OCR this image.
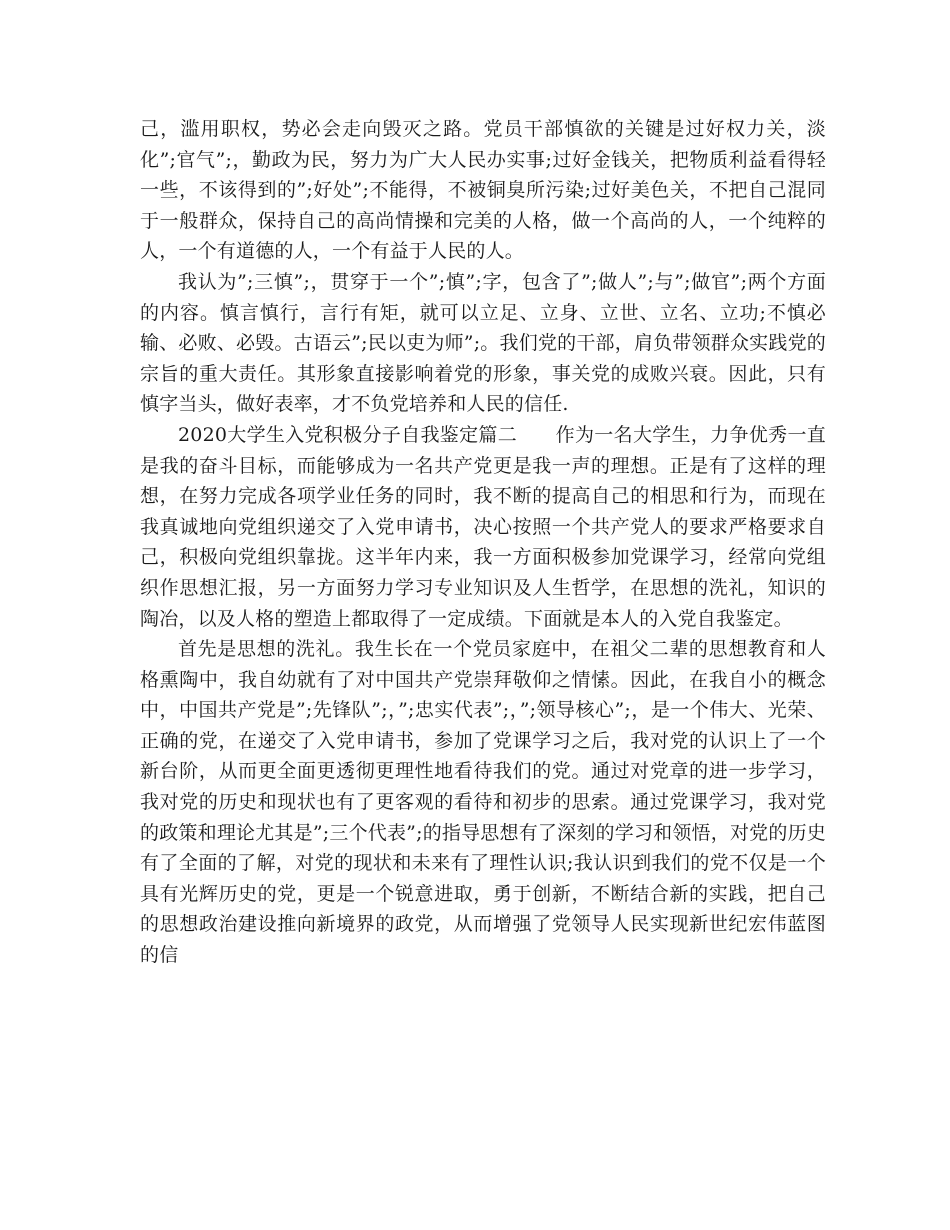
己，滥用职权，势必会走向毁灭之路。党员干部慎欲的关键是过好权力关，淡化”;官气”;，勤政为民，努力为广大人民办实事;过好金钱关，把物质利益看得轻一些，不该得到的”;好处”;不能得，不被铜臭所污染;过好美色关，不把自己混同于一般群众，保持自己的高尚情操和完美的人格，做一个高尚的人，一个纯粹的人，一个有道德的人，一个有益于人民的人。

我认为”;三慎”;，贯穿于一个”;慎”;字，包含了”;做人”;与”;做官”;两个方面的内容。慎言慎行，言行有矩，就可以立足、立身、立世、立名、立功;不慎必输、必败、必毁。古语云”;民以吏为师”;。我们党的干部，肩负带领群众实践党的宗旨的重大责任。其形象直接影响着党的形象，事关党的成败兴衰。因此，只有慎字当头，做好表率，才不负党培养和人民的信任.

2020大学生入党积极分子自我鉴定篇二　　作为一名大学生，力争优秀一直是我的奋斗目标，而能够成为一名共产党更是我一声的理想。正是有了这样的理想，在努力完成各项学业任务的同时，我不断的提高自己的相思和行为，而现在我真诚地向党组织递交了入党申请书，决心按照一个共产党人的要求严格要求自己，积极向党组织靠拢。这半年内来，我一方面积极参加党课学习，经常向党组织作思想汇报，另一方面努力学习专业知识及人生哲学，在思想的洗礼，知识的陶冶，以及人格的塑造上都取得了一定成绩。下面就是本人的入党自我鉴定。

首先是思想的洗礼。我生长在一个党员家庭中，在祖父二辈的思想教育和人格熏陶中，我自幼就有了对中国共产党崇拜敬仰之情愫。因此，在我自小的概念中，中国共产党是”;先锋队”;，”;忠实代表”;，”;领导核心”;，是一个伟大、光荣、正确的党，在递交了入党申请书，参加了党课学习之后，我对党的认识上了一个新台阶，从而更全面更透彻更理性地看待我们的党。通过对党章的进一步学习，我对党的历史和现状也有了更客观的看待和初步的思索。通过党课学习，我对党的政策和理论尤其是”;三个代表”;的指导思想有了深刻的学习和领悟，对党的历史有了全面的了解，对党的现状和未来有了理性认识;我认识到我们的党不仅是一个具有光辉历史的党，更是一个锐意进取，勇于创新，不断结合新的实践，把自己的思想政治建设推向新境界的政党，从而增强了党领导人民实现新世纪宏伟蓝图的信
